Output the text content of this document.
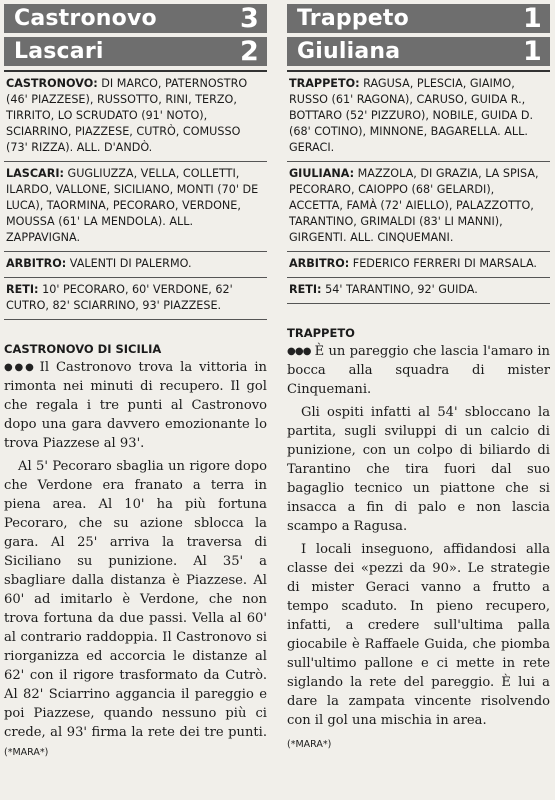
Castronovo	3
Lascari	2
CASTRONOVO: DI MARCO, PATERNOSTRO (46' PIAZZESE), RUSSOTTO, RINI, TERZO, TIRRITO, LO SCRUDATO (91' NOTO), SCIARRINO, PIAZZESE, CUTRÒ, COMUSSO (73' RIZZA). ALL. D'ANDÒ.
LASCARI: GUGLIUZZA, VELLA, COLLETTI, ILARDO, VALLONE, SICILIANO, MONTI (70' DE LUCA), TAORMINA, PECORARO, VERDONE, MOUSSA (61' LA MENDOLA). ALL. ZAPPAVIGNA.
ARBITRO: VALENTI DI PALERMO.
RETI: 10' PECORARO, 60' VERDONE, 62' CUTRO, 82' SCIARRINO, 93' PIAZZESE.
CASTRONOVO DI SICILIA

●●● Il Castronovo trova la vittoria in rimonta nei minuti di recupero. Il gol che regala i tre punti al Castronovo dopo una gara davvero emozionante lo trova Piazzese al 93'.

Al 5' Pecoraro sbaglia un rigore dopo che Verdone era franato a terra in piena area. Al 10' ha più fortuna Pecoraro, che su azione sblocca la gara. Al 25' arriva la traversa di Siciliano su punizione. Al 35' a sbagliare dalla distanza è Piazzese. Al 60' ad imitarlo è Verdone, che non trova fortuna da due passi. Vella al 60' al contrario raddoppia. Il Castronovo si riorganizza ed accorcia le distanze al 62' con il rigore trasformato da Cutrò. Al 82' Sciarrino aggancia il pareggio e poi Piazzese, quando nessuno più ci crede, al 93' firma la rete dei tre punti. (*MARA*)

Trappeto	1
Giuliana	1
TRAPPETO: RAGUSA, PLESCIA, GIAIMO, RUSSO (61' RAGONA), CARUSO, GUIDA R., BOTTARO (52' PIZZURO), NOBILE, GUIDA D. (68' COTINO), MINNONE, BAGARELLA. ALL. GERACI.
GIULIANA: MAZZOLA, DI GRAZIA, LA SPISA, PECORARO, CAIOPPO (68' GELARDI), ACCETTA, FAMÀ (72' AIELLO), PALAZZOTTO, TARANTINO, GRIMALDI (83' LI MANNI), GIRGENTI. ALL. CINQUEMANI.
ARBITRO: FEDERICO FERRERI DI MARSALA.
RETI: 54' TARANTINO, 92' GUIDA.
TRAPPETO

●●● È un pareggio che lascia l'amaro in bocca alla squadra di mister Cinquemani.

Gli ospiti infatti al 54' sbloccano la partita, sugli sviluppi di un calcio di punizione, con un colpo di biliardo di Tarantino che tira fuori dal suo bagaglio tecnico un piattone che si insacca a fin di palo e non lascia scampo a Ragusa.

I locali inseguono, affidandosi alla classe dei «pezzi da 90». Le strategie di mister Geraci vanno a frutto a tempo scaduto. In pieno recupero, infatti, a credere sull'ultima palla giocabile è Raffaele Guida, che piomba sull'ultimo pallone e ci mette in rete siglando la rete del pareggio. È lui a dare la zampata vincente risolvendo con il gol una mischia in area.

(*MARA*)
